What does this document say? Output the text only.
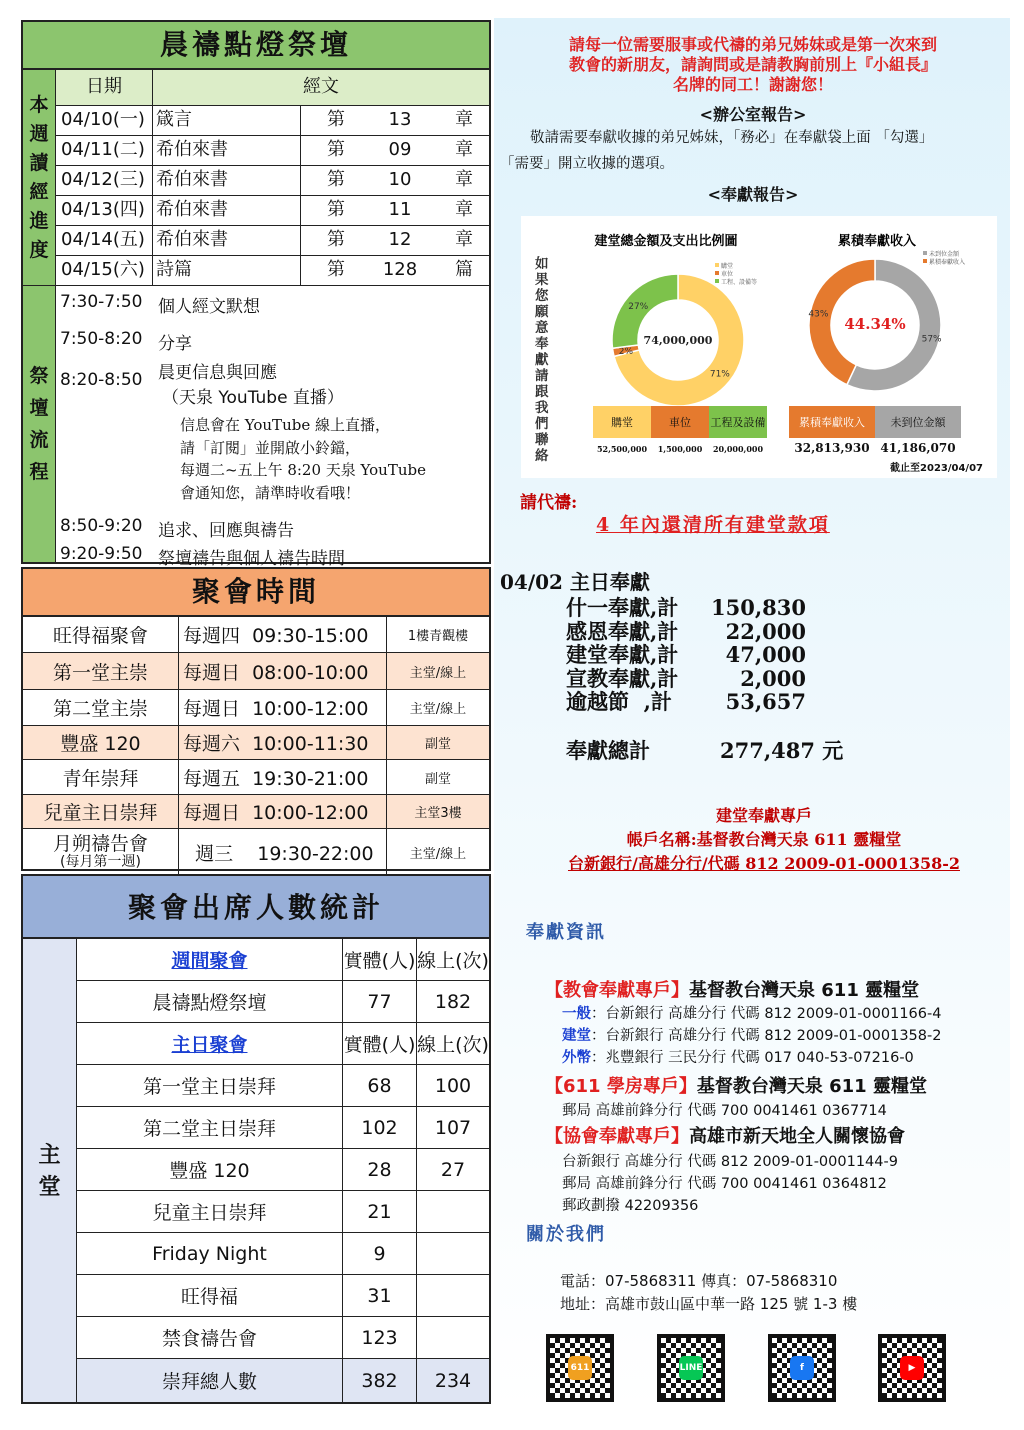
晨禱點燈祭壇
本
週
讀
經
進
度
日期	經文
04/10(一) 箴言	第 13 章
04/11(二) 希伯來書	第 09 章
04/12(三) 希伯來書	第 10 章
04/13(四) 希伯來書	第 11 章
04/14(五) 希伯來書	第 12 章
04/15(六) 詩篇	第 128 篇
祭
壇
流
程
7:30-7:50 個人經文默想
7:50-8:20 分享
8:20-8:50 晨更信息與回應
（天泉 YouTube 直播）
8:50-9:20 追求、回應與禱告
9:20-9:50 祭壇禱告與個人禱告時間
信息會在 YouTube 線上直播，
請「訂閱」並開啟小鈴鐺，
每週二~五上午 8:20 天泉 YouTube
會通知您，請準時收看哦！
聚會時間
旺得福聚會 每週四  09:30-15:00	1樓青觀樓
第一堂主崇 每週日  08:00-10:00	主堂/線上
第二堂主崇 每週日  10:00-12:00	主堂/線上
豐盛 120 每週六  10:00-11:30	副堂
青年崇拜 每週五  19:30-21:00	副堂
兒童主日崇拜 每週日  10:00-12:00	主堂3樓
月朔禱告會
(每月第一週) 週三    19:30-22:00	主堂/線上
聚會出席人數統計
主
堂
週間聚會	實體(人) 線上(次)
晨禱點燈祭壇	77	182
主日聚會	實體(人) 線上(次)
第一堂主日崇拜	68	100
第二堂主日崇拜	102	107
豐盛 120	28	27
兒童主日崇拜	21
Friday Night	9
旺得福	31
禁食禱告會	123
崇拜總人數	382	234
請每一位需要服事或代禱的弟兄姊妹或是第一次來到
教會的新朋友，請詢問或是請教胸前別上『小組長』
名牌的同工！謝謝您！
<辦公室報告>
敬請需要奉獻收據的弟兄姊妹，「務必」在奉獻袋上面 「勾選」
「需要」開立收據的選項。
<奉獻報告>
如果您願意奉獻請跟我們聯絡
建堂總金額及支出比例圖
71%
2%
27%
74,000,000
購堂
車位
工程、設備等
購堂
52,500,000
車位
1,500,000
工程及設備
20,000,000
累積奉獻收入
57%
43%
44.34%
未到位金額
累積奉獻收入
累積奉獻收入
32,813,930
未到位金額
41,186,070
截止至2023/04/07
請代禱:
4 年內還清所有建堂款項
04/02 主日奉獻
什一奉獻,計	150,830
感恩奉獻,計	22,000
建堂奉獻,計	47,000
宣教奉獻,計	2,000
逾越節  ,計	53,657
奉獻總計	277,487 元
建堂奉獻專戶
帳戶名稱:基督教台灣天泉 611 靈糧堂
台新銀行/高雄分行/代碼 812 2009-01-0001358-2
奉獻資訊
【教會奉獻專戶】基督教台灣天泉 611 靈糧堂
一般：台新銀行 高雄分行 代碼 812 2009-01-0001166-4
建堂：台新銀行 高雄分行 代碼 812 2009-01-0001358-2
外幣：兆豐銀行 三民分行 代碼 017 040-53-07216-0
【611 學房專戶】基督教台灣天泉 611 靈糧堂
郵局 高雄前鋒分行 代碼 700 0041461 0367714
【協會奉獻專戶】高雄市新天地全人關懷協會
台新銀行 高雄分行 代碼 812 2009-01-0001144-9
郵局 高雄前鋒分行 代碼 700 0041461 0364812
郵政劃撥 42209356
關於我們
電話：07-5868311 傳真：07-5868310
地址：高雄市鼓山區中華一路 125 號 1-3 樓
611	LINE	f	▶
